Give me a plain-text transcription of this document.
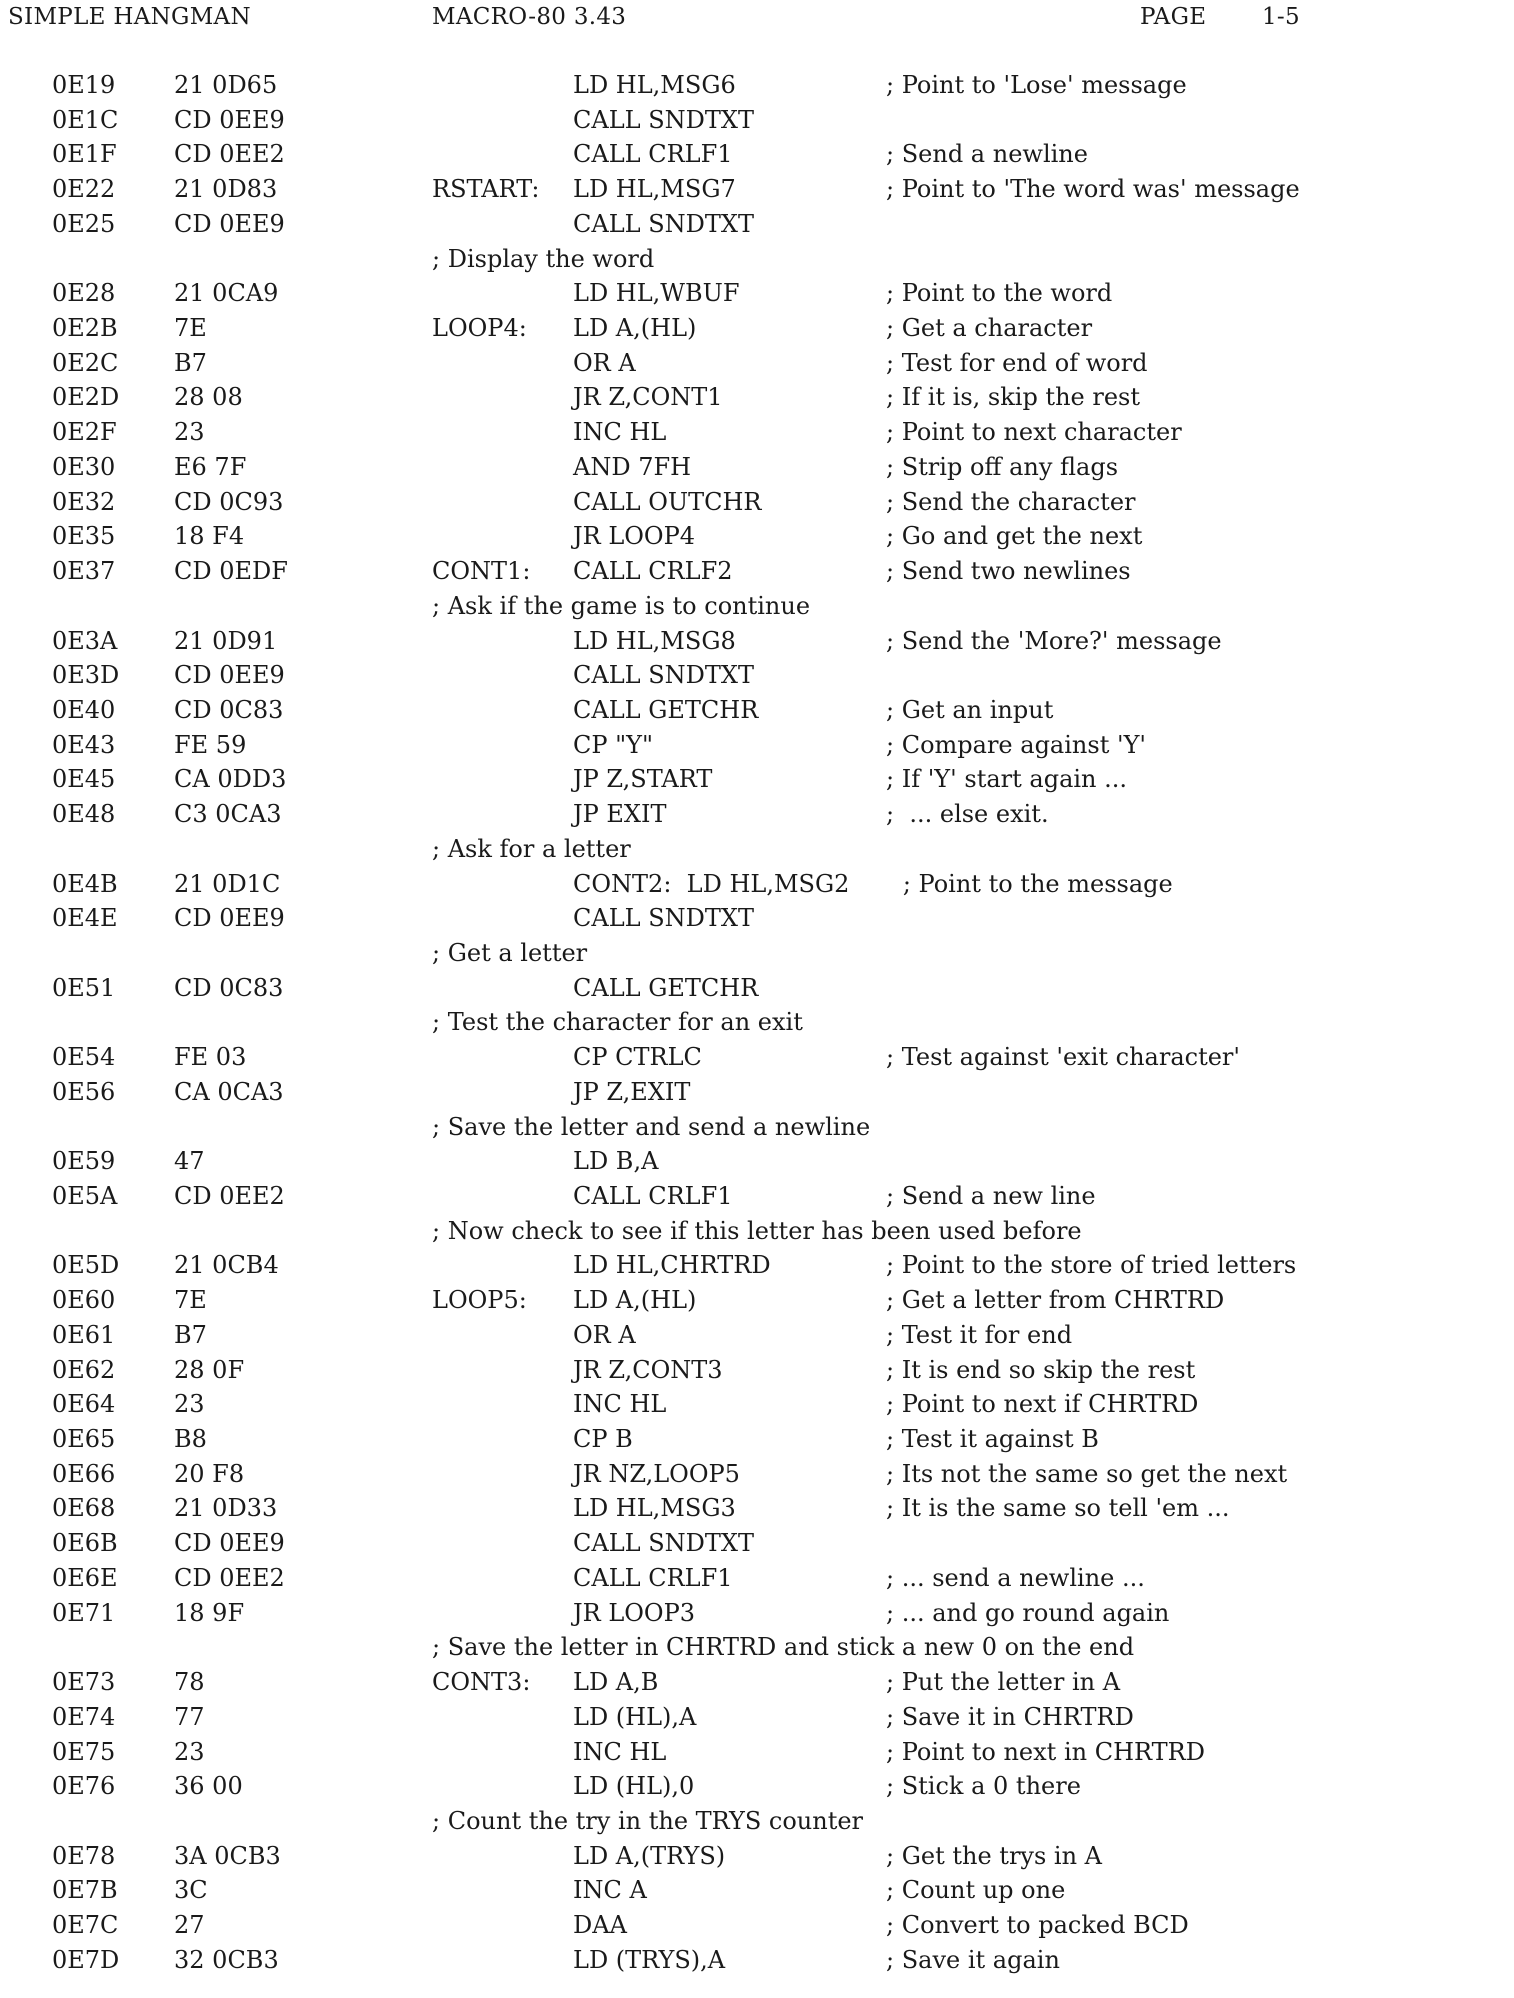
SIMPLE HANGMAN	MACRO-80 3.43	PAGE 1-5
0E19 21 0D65	LD HL,MSG6	; Point to 'Lose' message
0E1C CD 0EE9	CALL SNDTXT
0E1F CD 0EE2	CALL CRLF1	; Send a newline
0E22 21 0D83	RSTART: LD HL,MSG7	; Point to 'The word was' message
0E25 CD 0EE9	CALL SNDTXT
; Display the word
0E28 21 0CA9	LD HL,WBUF	; Point to the word
0E2B 7E	LOOP4: LD A,(HL)	; Get a character
0E2C B7	OR A	; Test for end of word
0E2D 28 08	JR Z,CONT1	; If it is, skip the rest
0E2F 23	INC HL	; Point to next character
0E30 E6 7F	AND 7FH	; Strip off any flags
0E32 CD 0C93	CALL OUTCHR	; Send the character
0E35 18 F4	JR LOOP4	; Go and get the next
0E37 CD 0EDF	CONT1: CALL CRLF2	; Send two newlines
; Ask if the game is to continue
0E3A 21 0D91	LD HL,MSG8	; Send the 'More?' message
0E3D CD 0EE9	CALL SNDTXT
0E40 CD 0C83	CALL GETCHR	; Get an input
0E43 FE 59	CP "Y"	; Compare against 'Y'
0E45 CA 0DD3	JP Z,START	; If 'Y' start again ...
0E48 C3 0CA3	JP EXIT	;  ... else exit.
; Ask for a letter
0E4B 21 0D1C	CONT2:  LD HL,MSG2       ; Point to the message
0E4E CD 0EE9	CALL SNDTXT
; Get a letter
0E51 CD 0C83	CALL GETCHR
; Test the character for an exit
0E54 FE 03	CP CTRLC	; Test against 'exit character'
0E56 CA 0CA3	JP Z,EXIT
; Save the letter and send a newline
0E59 47	LD B,A
0E5A CD 0EE2	CALL CRLF1	; Send a new line
; Now check to see if this letter has been used before
0E5D 21 0CB4	LD HL,CHRTRD	; Point to the store of tried letters
0E60 7E	LOOP5: LD A,(HL)	; Get a letter from CHRTRD
0E61 B7	OR A	; Test it for end
0E62 28 0F	JR Z,CONT3	; It is end so skip the rest
0E64 23	INC HL	; Point to next if CHRTRD
0E65 B8	CP B	; Test it against B
0E66 20 F8	JR NZ,LOOP5	; Its not the same so get the next
0E68 21 0D33	LD HL,MSG3	; It is the same so tell 'em ...
0E6B CD 0EE9	CALL SNDTXT
0E6E CD 0EE2	CALL CRLF1	; ... send a newline ...
0E71 18 9F	JR LOOP3	; ... and go round again
; Save the letter in CHRTRD and stick a new 0 on the end
0E73 78	CONT3: LD A,B	; Put the letter in A
0E74 77	LD (HL),A	; Save it in CHRTRD
0E75 23	INC HL	; Point to next in CHRTRD
0E76 36 00	LD (HL),0	; Stick a 0 there
; Count the try in the TRYS counter
0E78 3A 0CB3	LD A,(TRYS)	; Get the trys in A
0E7B 3C	INC A	; Count up one
0E7C 27	DAA	; Convert to packed BCD
0E7D 32 0CB3	LD (TRYS),A	; Save it again
